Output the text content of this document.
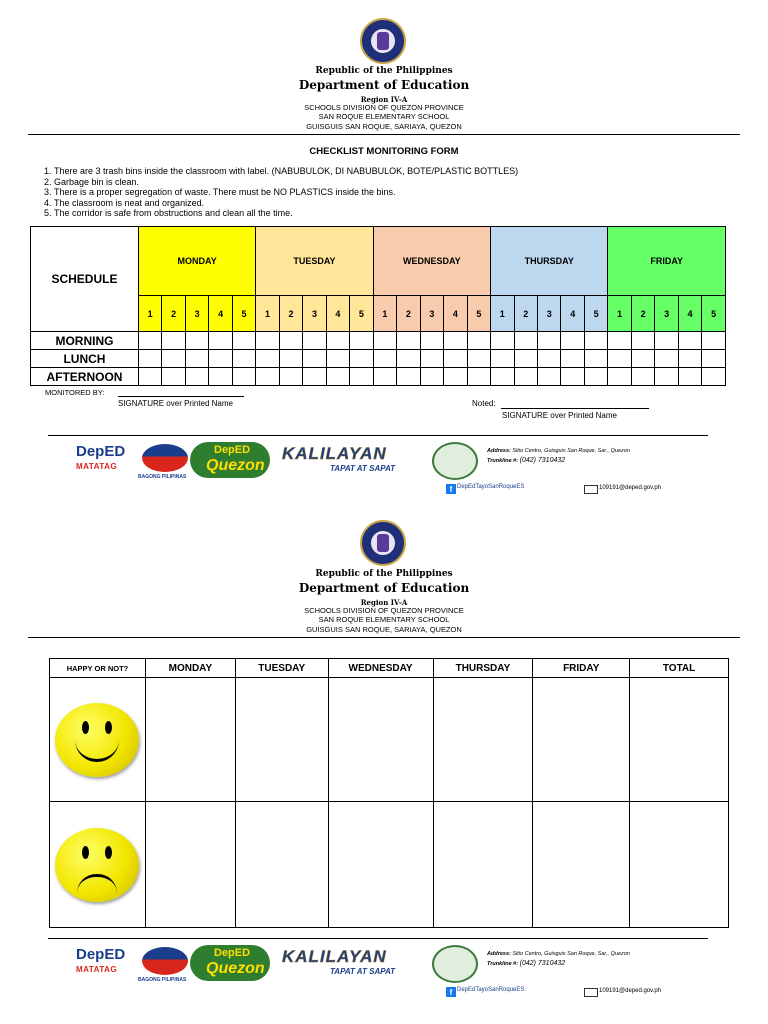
Republic of the Philippines
Department of Education
Region IV-A
SCHOOLS DIVISION OF QUEZON PROVINCE
SAN ROQUE ELEMENTARY SCHOOL
GUISGUIS SAN ROQUE, SARIAYA, QUEZON
CHECKLIST MONITORING FORM
1. There are 3 trash bins inside the classroom with label. (NABUBULOK, DI NABUBULOK, BOTE/PLASTIC BOTTLES)
2. Garbage bin is clean.
3. There is a proper segregation of waste. There must be NO PLASTICS inside the bins.
4. The classroom is neat and organized.
5. The corridor is safe from obstructions and clean all the time.
SCHEDULE	MONDAY					TUESDAY					WEDNESDAY					THURSDAY					FRIDAY				
	1	2	3	4	5	1	2	3	4	5	1	2	3	4	5	1	2	3	4	5	1	2	3	4	5
MORNING																									
LUNCH																									
AFTERNOON																									
MONITORED BY:
SIGNATURE over Printed Name	Noted:
SIGNATURE over Printed Name
DepED
MATATAG
BAGONG PILIPINAS
DepED
Quezon
KALILAYAN
TAPAT AT SAPAT
Address: Sitio Centro, Guisguis San Roque, Sar., Quezon
Trunkline #: (042) 7310432
f DepEdTayoSanRoqueES	109191@deped.gov.ph
Republic of the Philippines
Department of Education
Region IV-A
SCHOOLS DIVISION OF QUEZON PROVINCE
SAN ROQUE ELEMENTARY SCHOOL
GUISGUIS SAN ROQUE, SARIAYA, QUEZON
HAPPY OR NOT?	MONDAY	TUESDAY	WEDNESDAY	THURSDAY	FRIDAY	TOTAL

DepED
MATATAG
BAGONG PILIPINAS
DepED
Quezon
KALILAYAN
TAPAT AT SAPAT
Address: Sitio Centro, Guisguis San Roque, Sar., Quezon
Trunkline #: (042) 7310432
f DepEdTayoSanRoqueES	109191@deped.gov.ph
